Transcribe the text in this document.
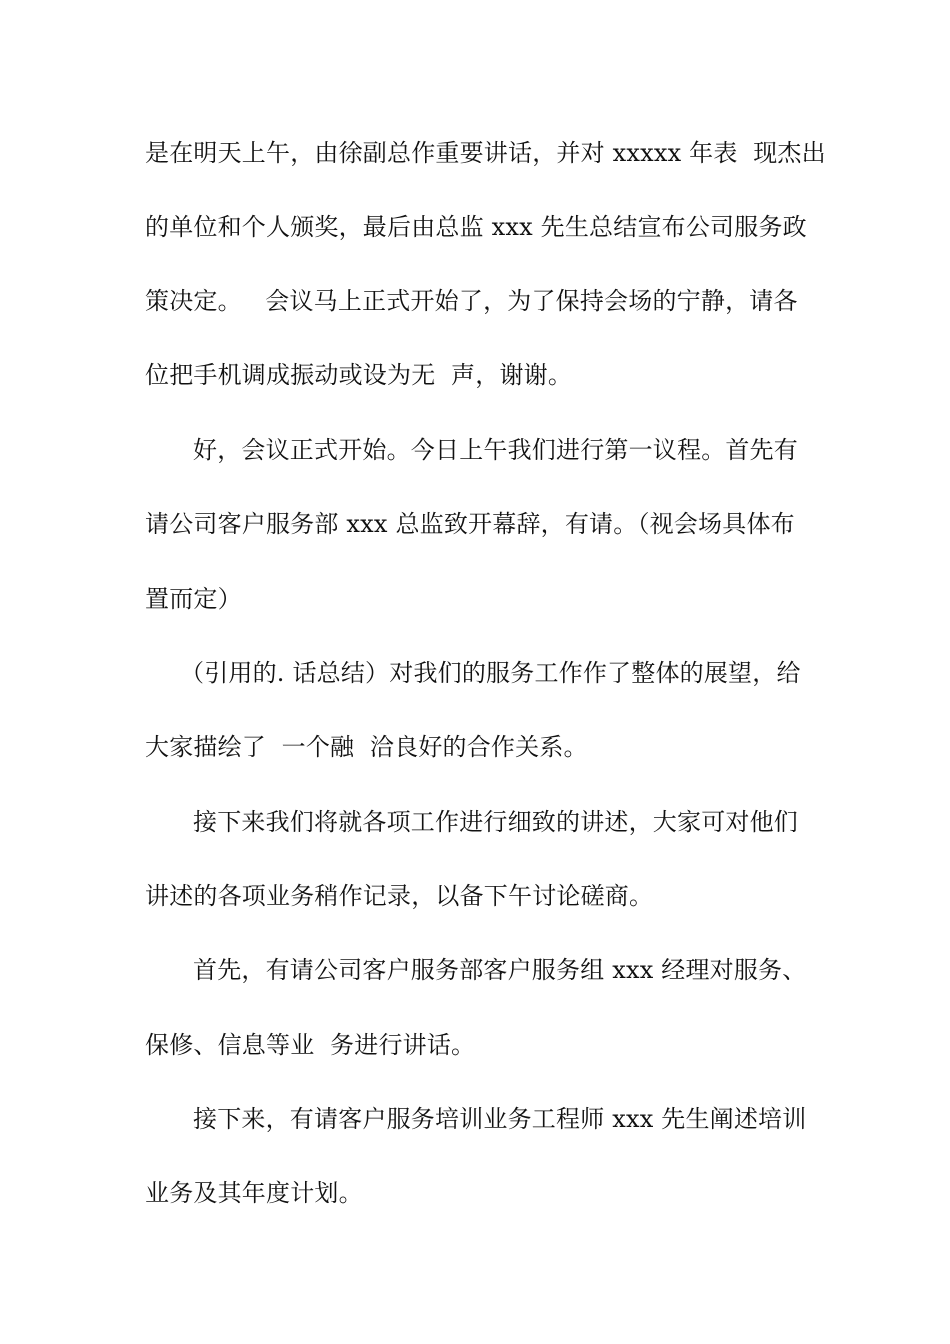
是在明天上午，由徐副总作重要讲话，并对 xxxxx 年表  现杰出
的单位和个人颁奖，最后由总监 xxx 先生总结宣布公司服务政
策决定。   会议马上正式开始了，为了保持会场的宁静，请各
位把手机调成振动或设为无  声，谢谢。
好，会议正式开始。今日上午我们进行第一议程。首先有
请公司客户服务部 xxx 总监致开幕辞，有请。（视会场具体布
置而定）
（引用的. 话总结）对我们的服务工作作了整体的展望，给
大家描绘了  一个融  洽良好的合作关系。
接下来我们将就各项工作进行细致的讲述，大家可对他们
讲述的各项业务稍作记录，以备下午讨论磋商。
首先，有请公司客户服务部客户服务组 xxx 经理对服务、
保修、信息等业  务进行讲话。
接下来，有请客户服务培训业务工程师 xxx 先生阐述培训
业务及其年度计划。
